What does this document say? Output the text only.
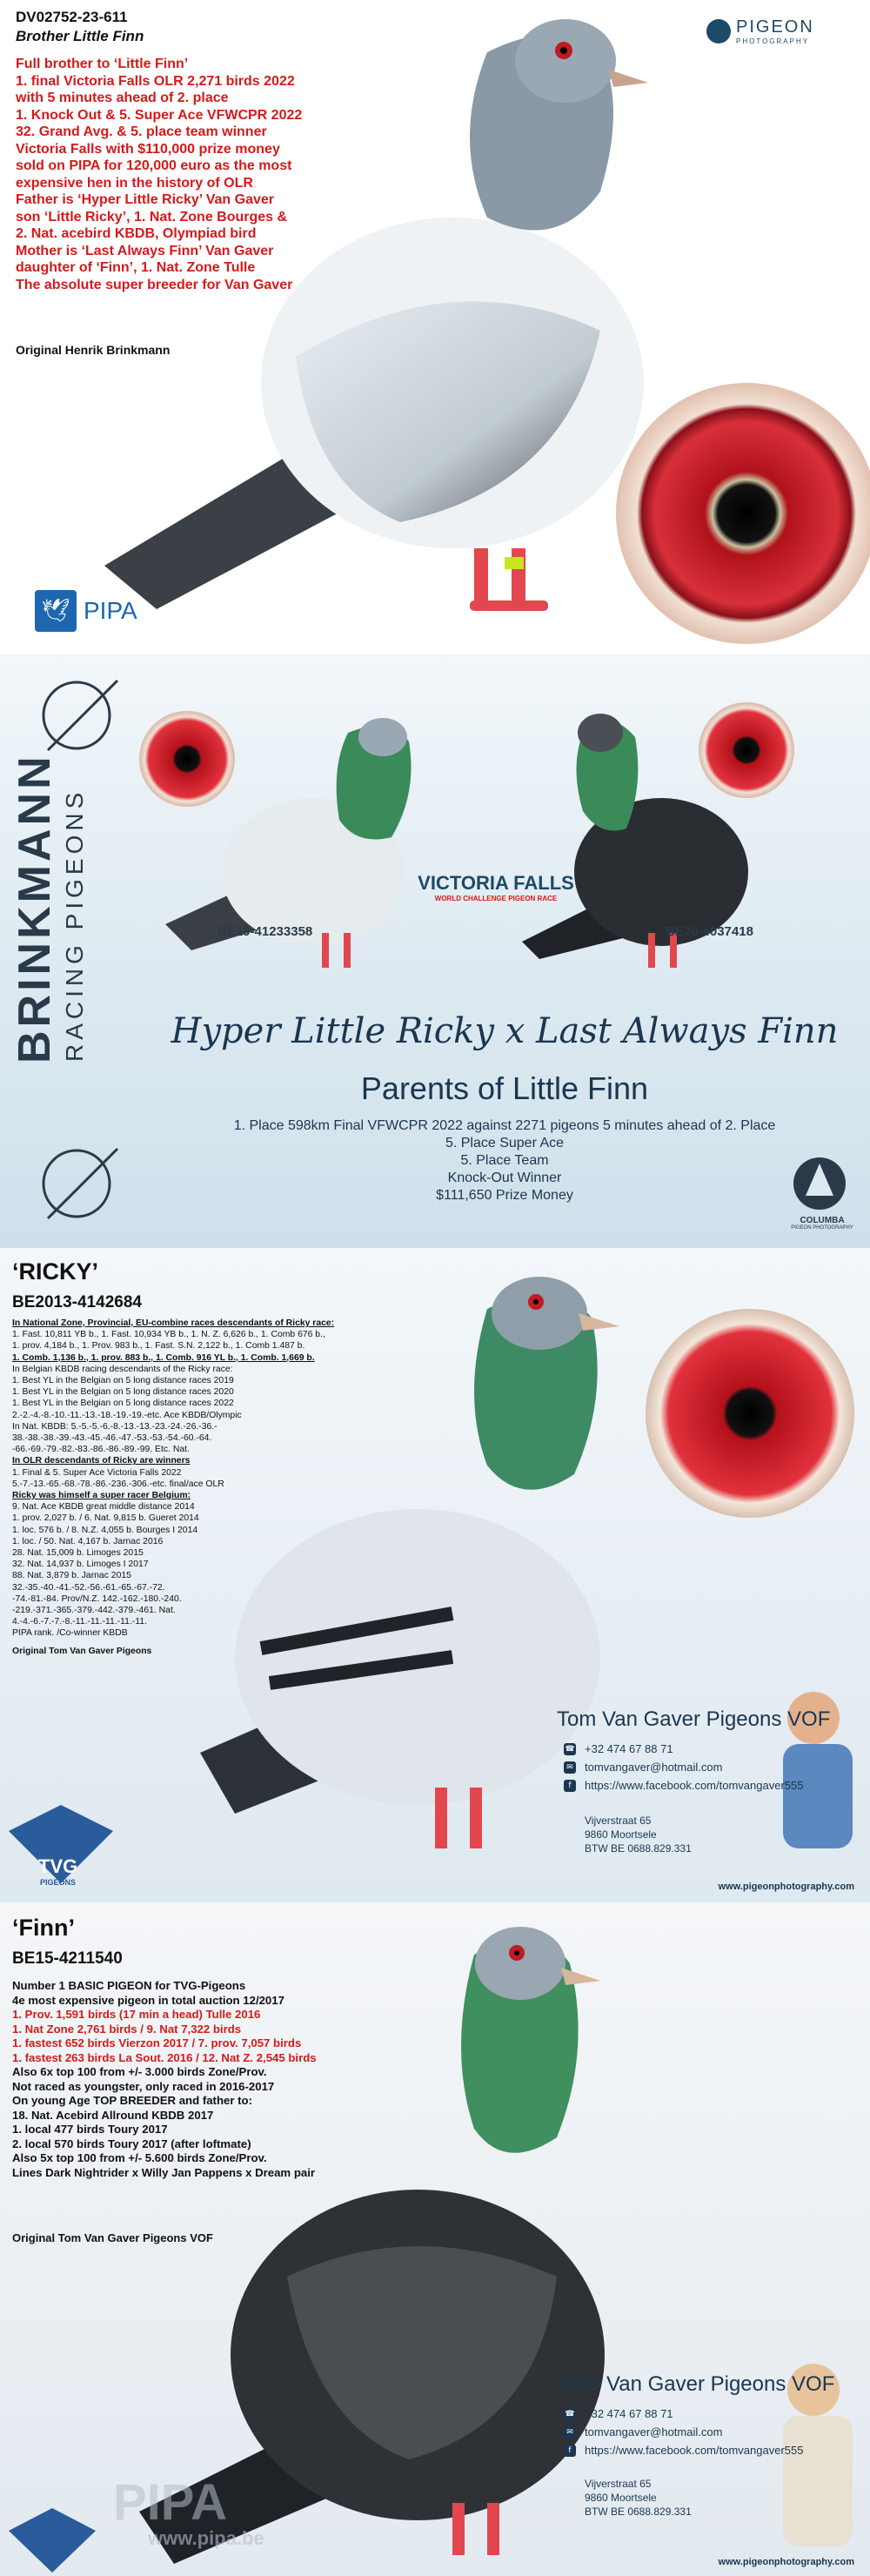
DV02752-23-611
Brother Little Finn
Full brother to ‘Little Finn’
1. final Victoria Falls OLR 2,271 birds 2022
with 5 minutes ahead of 2. place
1. Knock Out & 5. Super Ace VFWCPR 2022
32. Grand Avg. & 5. place team winner
Victoria Falls with $110,000 prize money
sold on PIPA for 120,000 euro as the most
expensive hen in the history of OLR
Father is ‘Hyper Little Ricky’ Van Gaver
son ‘Little Ricky’, 1. Nat. Zone Bourges &
2. Nat. acebird KBDB, Olympiad bird
Mother is ‘Last Always Finn’ Van Gaver
daughter of ‘Finn’, 1. Nat. Zone Tulle
The absolute super breeder for Van Gaver
Original Henrik Brinkmann
PIGEON
PHOTOGRAPHY
🕊 PIPA
BRINKMANN RACING PIGEONS	BE19-41233358	BE20-4037418
VICTORIA FALLS
WORLD CHALLENGE PIGEON RACE
Hyper Little Ricky x Last Always Finn
Parents of Little Finn
1. Place 598km Final VFWCPR 2022 against 2271 pigeons 5 minutes ahead of 2. Place
5. Place Super Ace
5. Place Team
Knock-Out Winner
$111,650 Prize Money
COLUMBA
PIGEON PHOTOGRAPHY
‘RICKY’
BE2013-4142684
In National Zone, Provincial, EU-combine races descendants of Ricky race:
1. Fast. 10,811 YB b., 1. Fast. 10,934 YB b., 1. N. Z. 6,626 b., 1. Comb 676 b.,
1. prov. 4,184 b., 1. Prov. 983 b., 1. Fast. S.N. 2,122 b., 1. Comb 1.487 b.
1. Comb. 1,136 b., 1. prov. 883 b., 1. Comb. 916 YL b., 1. Comb. 1,669 b.
In Belgian KBDB racing descendants of the Ricky race:
1. Best YL in the Belgian on 5 long distance races 2019
1. Best YL in the Belgian on 5 long distance races 2020
1. Best YL in the Belgian on 5 long distance races 2022
2.-2.-4.-8.-10.-11.-13.-18.-19.-19.-etc. Ace KBDB/Olympic
In Nat. KBDB: 5.-5.-5.-6.-8.-13.-13.-23.-24.-26.-36.-
38.-38.-38.-39.-43.-45.-46.-47.-53.-53.-54.-60.-64.
-66.-69.-79.-82.-83.-86.-86.-89.-99. Etc. Nat.
In OLR descendants of Ricky are winners
1. Final & 5. Super Ace Victoria Falls 2022
5.-7.-13.-65.-68.-78.-86.-236.-306.-etc. final/ace OLR
Ricky was himself a super racer Belgium:
9. Nat. Ace KBDB great middle distance 2014
1. prov. 2,027 b. / 6. Nat. 9,815 b. Gueret 2014
1. loc. 576 b. / 8. N.Z. 4,055 b. Bourges I 2014
1. loc. / 50. Nat. 4,167 b. Jarnac 2016
28. Nat. 15,009 b. Limoges 2015
32. Nat. 14,937 b. Limoges I 2017
88. Nat. 3,879 b. Jarnac 2015
32.-35.-40.-41.-52.-56.-61.-65.-67.-72.
-74.-81.-84. Prov/N.Z. 142.-162.-180.-240.
-219.-371.-365.-379.-442.-379.-461. Nat.
4.-4.-6.-7.-7.-8.-11.-11.-11.-11.-11.
PIPA rank. /Co-winner KBDB
Original Tom Van Gaver Pigeons
Tom Van Gaver Pigeons VOF
☎ +32 474 67 88 71
✉ tomvangaver@hotmail.com
f	https://www.facebook.com/tomvangaver555
Vijverstraat 65
9860 Moortsele
BTW BE 0688.829.331
TVG
PIGEONS	www.pigeonphotography.com
‘Finn’
BE15-4211540
Number 1 BASIC PIGEON for TVG-Pigeons
4e most expensive pigeon in total auction 12/2017
1. Prov. 1,591 birds (17 min a head) Tulle 2016
1. Nat Zone 2,761 birds / 9. Nat 7,322 birds
1. fastest 652 birds Vierzon 2017 / 7. prov. 7,057 birds
1. fastest 263 birds La Sout. 2016 / 12. Nat Z. 2,545 birds
Also 6x top 100 from +/- 3.000 birds Zone/Prov.
Not raced as youngster, only raced in 2016-2017
On young Age TOP BREEDER and father to:
18. Nat. Acebird Allround KBDB 2017
1. local 477 birds Toury 2017
2. local 570 birds Toury 2017 (after loftmate)
Also 5x top 100 from +/- 5.600 birds Zone/Prov.
Lines Dark Nightrider x Willy Jan Pappens x Dream pair
Original Tom Van Gaver Pigeons VOF
Tom Van Gaver Pigeons VOF
☎ +32 474 67 88 71
✉ tomvangaver@hotmail.com
f	https://www.facebook.com/tomvangaver555
Vijverstraat 65
9860 Moortsele
BTW BE 0688.829.331
PIPA
www.pipa.be
www.pigeonphotography.com
